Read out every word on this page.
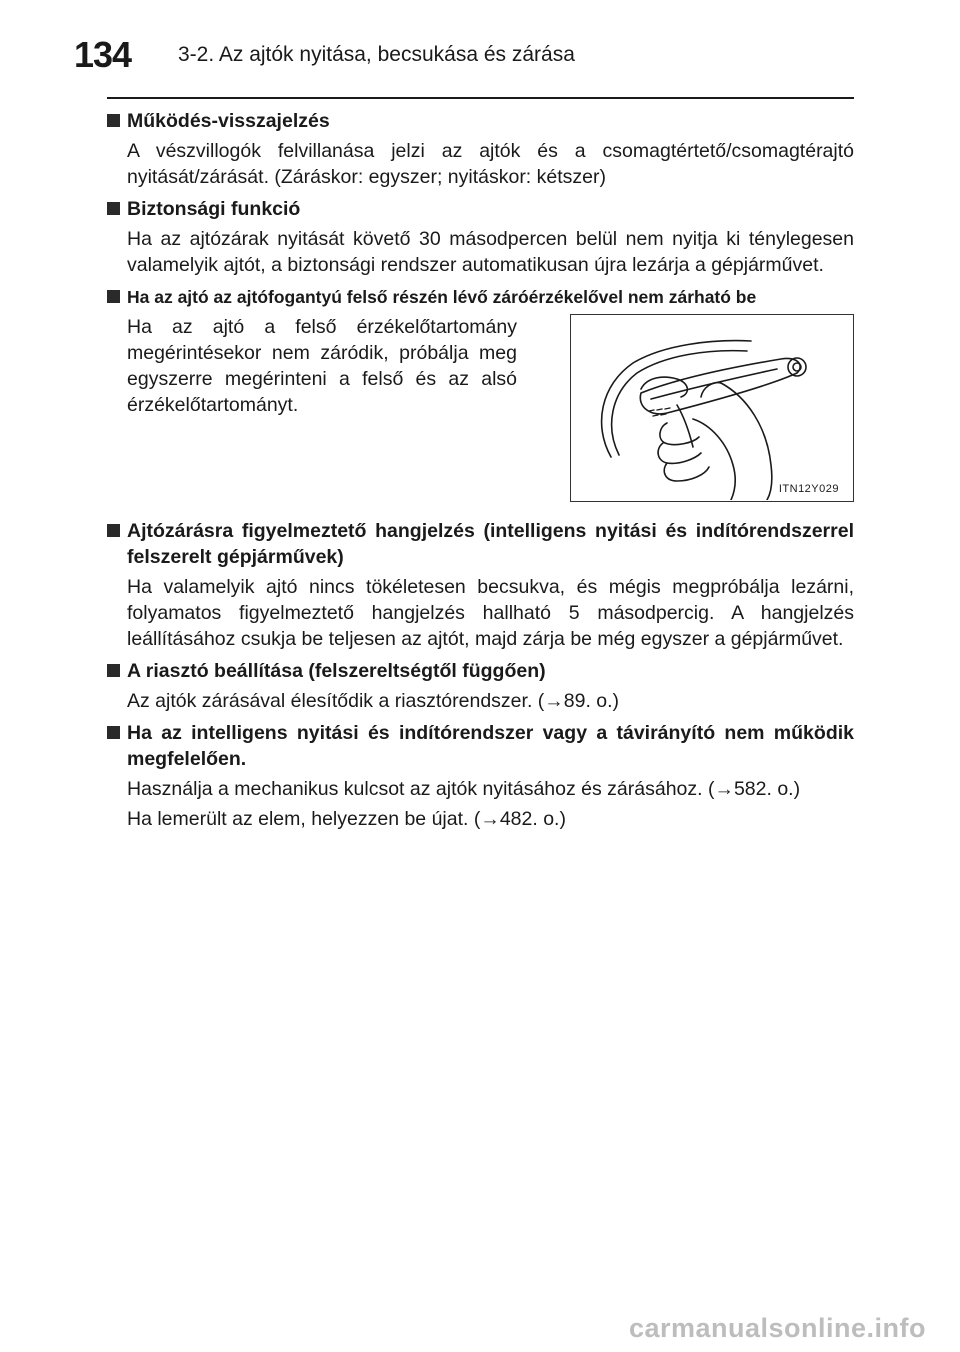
134 3-2. Az ajtók nyitása, becsukása és zárása
Működés-visszajelzés

A vészvillogók felvillanása jelzi az ajtók és a csomagtértető/csomagtérajtó nyitását/zárását. (Záráskor: egyszer; nyitáskor: kétszer)

Biztonsági funkció

Ha az ajtózárak nyitását követő 30 másodpercen belül nem nyitja ki ténylegesen valamelyik ajtót, a biztonsági rendszer automatikusan újra lezárja a gépjárművet.

Ha az ajtó az ajtófogantyú felső részén lévő záróérzékelővel nem zárható be

Ha az ajtó a felső érzékelőtartomány megérintésekor nem záródik, próbálja meg egyszerre megérinteni a felső és az alsó érzékelőtartományt.

ITN12Y029
Ajtózárásra figyelmeztető hangjelzés (intelligens nyitási és indítórendszerrel felszerelt gépjárművek)

Ha valamelyik ajtó nincs tökéletesen becsukva, és mégis megpróbálja lezárni, folyamatos figyelmeztető hangjelzés hallható 5 másodpercig. A hangjelzés leállításához csukja be teljesen az ajtót, majd zárja be még egyszer a gépjárművet.

A riasztó beállítása (felszereltségtől függően)

Az ajtók zárásával élesítődik a riasztórendszer. (→89. o.)

Ha az intelligens nyitási és indítórendszer vagy a távirányító nem működik megfelelően.

Használja a mechanikus kulcsot az ajtók nyitásához és zárásához. (→582. o.)

Ha lemerült az elem, helyezzen be újat. (→482. o.)

carmanualsonline.info
